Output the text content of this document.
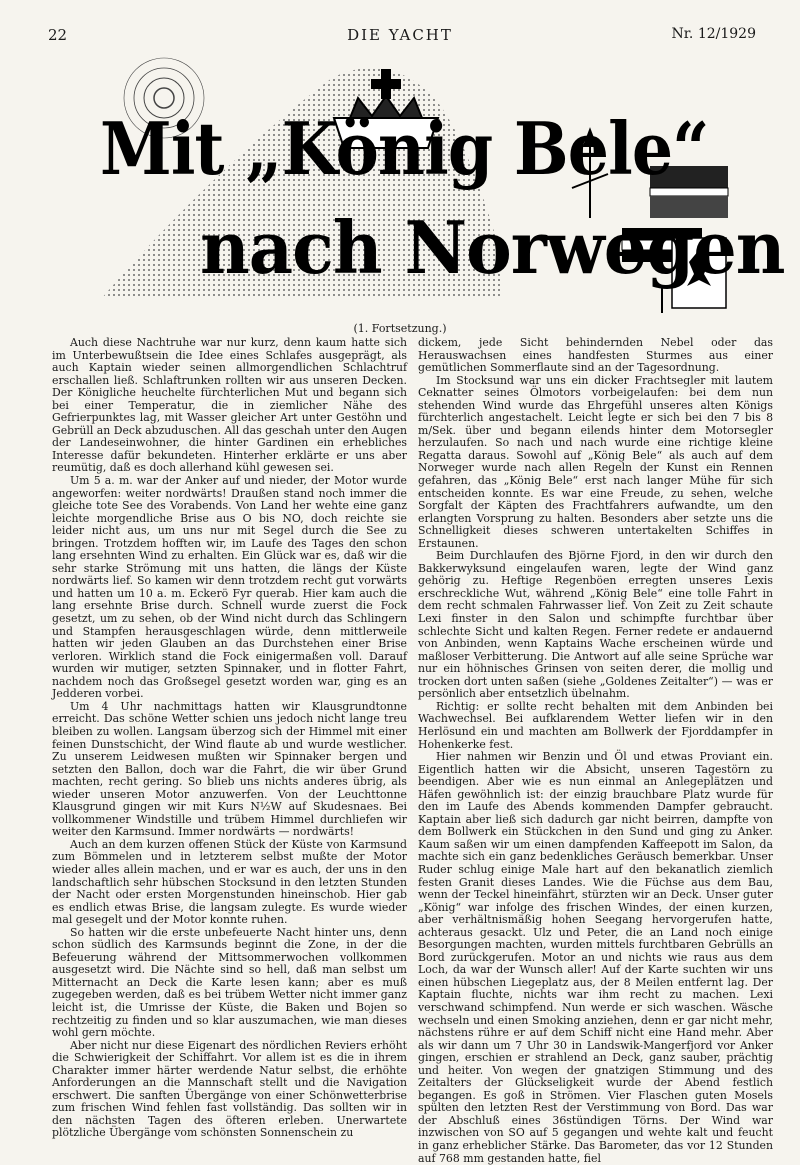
22	DIE YACHT	Nr. 12/1929
Mit „König Bele“
nach Norwegen
(1. Fortsetzung.)

Auch diese Nachtruhe war nur kurz, denn kaum hatte sich im Unterbewußtsein die Idee eines Schlafes ausgeprägt, als auch Kaptain wieder seinen allmorgendlichen Schlachtruf erschallen ließ. Schlaftrunken rollten wir aus unseren Decken. Der Königliche heuchelte fürchterlichen Mut und begann sich bei einer Temperatur, die in ziemlicher Nähe des Gefrierpunktes lag, mit Wasser gleicher Art unter Gestöhn und Gebrüll an Deck abzuduschen. All das geschah unter den Augen der Landeseinwohner, die hinter Gardinen ein erhebliches Interesse dafür bekundeten. Hinterher erklärte er uns aber reumütig, daß es doch allerhand kühl gewesen sei.

Um 5 a. m. war der Anker auf und nieder, der Motor wurde angeworfen: weiter nordwärts! Draußen stand noch immer die gleiche tote See des Vorabends. Von Land her wehte eine ganz leichte morgendliche Brise aus O bis NO, doch reichte sie leider nicht aus, um uns nur mit Segel durch die See zu bringen. Trotzdem hofften wir, im Laufe des Tages den schon lang ersehnten Wind zu erhalten. Ein Glück war es, daß wir die sehr starke Strömung mit uns hatten, die längs der Küste nordwärts lief. So kamen wir denn trotzdem recht gut vorwärts und hatten um 10 a. m. Eckerö Fyr querab. Hier kam auch die lang ersehnte Brise durch. Schnell wurde zuerst die Fock gesetzt, um zu sehen, ob der Wind nicht durch das Schlingern und Stampfen herausgeschlagen würde, denn mittlerweile hatten wir jeden Glauben an das Durchstehen einer Brise verloren. Wirklich stand die Fock einigermaßen voll. Darauf wurden wir mutiger, setzten Spinnaker, und in flotter Fahrt, nachdem noch das Großsegel gesetzt worden war, ging es an Jedderen vorbei.

Um 4 Uhr nachmittags hatten wir Klausgrundtonne erreicht. Das schöne Wetter schien uns jedoch nicht lange treu bleiben zu wollen. Langsam überzog sich der Himmel mit einer feinen Dunstschicht, der Wind flaute ab und wurde westlicher. Zu unserem Leidwesen mußten wir Spinnaker bergen und setzten den Ballon, doch war die Fahrt, die wir über Grund machten, recht gering. So blieb uns nichts anderes übrig, als wieder unseren Motor anzuwerfen. Von der Leuchttonne Klausgrund gingen wir mit Kurs N½W auf Skudesnaes. Bei vollkommener Windstille und trübem Himmel durchliefen wir weiter den Karmsund. Immer nordwärts — nordwärts!

Auch an dem kurzen offenen Stück der Küste von Karmsund zum Bömmelen und in letzterem selbst mußte der Motor wieder alles allein machen, und er war es auch, der uns in den landschaftlich sehr hübschen Stocksund in den letzten Stunden der Nacht oder ersten Morgenstunden hineinschob. Hier gab es endlich etwas Brise, die langsam zulegte. Es wurde wieder mal gesegelt und der Motor konnte ruhen.

So hatten wir die erste unbefeuerte Nacht hinter uns, denn schon südlich des Karmsunds beginnt die Zone, in der die Befeuerung während der Mittsommerwochen vollkommen ausgesetzt wird. Die Nächte sind so hell, daß man selbst um Mitternacht an Deck die Karte lesen kann; aber es muß zugegeben werden, daß es bei trübem Wetter nicht immer ganz leicht ist, die Umrisse der Küste, die Baken und Bojen so rechtzeitig zu finden und so klar auszumachen, wie man dieses wohl gern möchte.

Aber nicht nur diese Eigenart des nördlichen Reviers erhöht die Schwierigkeit der Schiffahrt. Vor allem ist es die in ihrem Charakter immer härter werdende Natur selbst, die erhöhte Anforderungen an die Mannschaft stellt und die Navigation erschwert. Die sanften Übergänge von einer Schönwetterbrise zum frischen Wind fehlen fast vollständig. Das sollten wir in den nächsten Tagen des öfteren erleben. Unerwartete plötzliche Übergänge vom schönsten Sonnenschein zu

dickem, jede Sicht behindernden Nebel oder das Herauswachsen eines handfesten Sturmes aus einer gemütlichen Sommerflaute sind an der Tagesordnung.

Im Stocksund war uns ein dicker Frachtsegler mit lautem Ceknatter seines Ölmotors vorbeigelaufen: bei dem nun stehenden Wind wurde das Ehrgefühl unseres alten Königs fürchterlich angestachelt. Leicht legte er sich bei den 7 bis 8 m/Sek. über und begann eilends hinter dem Motorsegler herzulaufen. So nach und nach wurde eine richtige kleine Regatta daraus. Sowohl auf „König Bele“ als auch auf dem Norweger wurde nach allen Regeln der Kunst ein Rennen gefahren, das „König Bele“ erst nach langer Mühe für sich entscheiden konnte. Es war eine Freude, zu sehen, welche Sorgfalt der Käpten des Frachtfahrers aufwandte, um den erlangten Vorsprung zu halten. Besonders aber setzte uns die Schnelligkeit dieses schweren untertakelten Schiffes in Erstaunen.

Beim Durchlaufen des Björne Fjord, in den wir durch den Bakkerwyksund eingelaufen waren, legte der Wind ganz gehörig zu. Heftige Regenböen erregten unseres Lexis erschreckliche Wut, während „König Bele“ eine tolle Fahrt in dem recht schmalen Fahrwasser lief. Von Zeit zu Zeit schaute Lexi finster in den Salon und schimpfte furchtbar über schlechte Sicht und kalten Regen. Ferner redete er andauernd von Anbinden, wenn Kaptains Wache erscheinen würde und maßloser Verbitterung. Die Antwort auf alle seine Sprüche war nur ein höhnisches Grinsen von seiten derer, die mollig und trocken dort unten saßen (siehe „Goldenes Zeitalter“) — was er persönlich aber entsetzlich übelnahm.

Richtig: er sollte recht behalten mit dem Anbinden bei Wachwechsel. Bei aufklarendem Wetter liefen wir in den Herlösund ein und machten am Bollwerk der Fjorddampfer in Hohenkerke fest.

Hier nahmen wir Benzin und Öl und etwas Proviant ein. Eigentlich hatten wir die Absicht, unseren Tagestörn zu beendigen. Aber wie es nun einmal an Anlegeplätzen und Häfen gewöhnlich ist: der einzig brauchbare Platz wurde für den im Laufe des Abends kommenden Dampfer gebraucht. Kaptain aber ließ sich dadurch gar nicht beirren, dampfte von dem Bollwerk ein Stückchen in den Sund und ging zu Anker. Kaum saßen wir um einen dampfenden Kaffeepott im Salon, da machte sich ein ganz bedenkliches Geräusch bemerkbar. Unser Ruder schlug einige Male hart auf den bekanatlich ziemlich festen Granit dieses Landes. Wie die Füchse aus dem Bau, wenn der Teckel hineinfährt, stürzten wir an Deck. Unser guter „König“ war infolge des frischen Windes, der einen kurzen, aber verhältnismäßig hohen Seegang hervorgerufen hatte, achteraus gesackt. Ulz und Peter, die an Land noch einige Besorgungen machten, wurden mittels furchtbaren Gebrülls an Bord zurückgerufen. Motor an und nichts wie raus aus dem Loch, da war der Wunsch aller! Auf der Karte suchten wir uns einen hübschen Liegeplatz aus, der 8 Meilen entfernt lag. Der Kaptain fluchte, nichts war ihm recht zu machen. Lexi verschwand schimpfend. Nun werde er sich waschen. Wäsche wechseln und einen Smoking anziehen, denn er gar nicht mehr, nächstens rühre er auf dem Schiff nicht eine Hand mehr. Aber als wir dann um 7 Uhr 30 in Landswik-Mangerfjord vor Anker gingen, erschien er strahlend an Deck, ganz sauber, prächtig und heiter. Von wegen der gnatzigen Stimmung und des Zeitalters der Glückseligkeit wurde der Abend festlich begangen. Es goß in Strömen. Vier Flaschen guten Mosels spülten den letzten Rest der Verstimmung von Bord. Das war der Abschluß eines 36stündigen Törns. Der Wind war inzwischen von SO auf 5 gegangen und wehte kalt und feucht in ganz erheblicher Stärke. Das Barometer, das vor 12 Stunden auf 768 mm gestanden hatte, fiel
